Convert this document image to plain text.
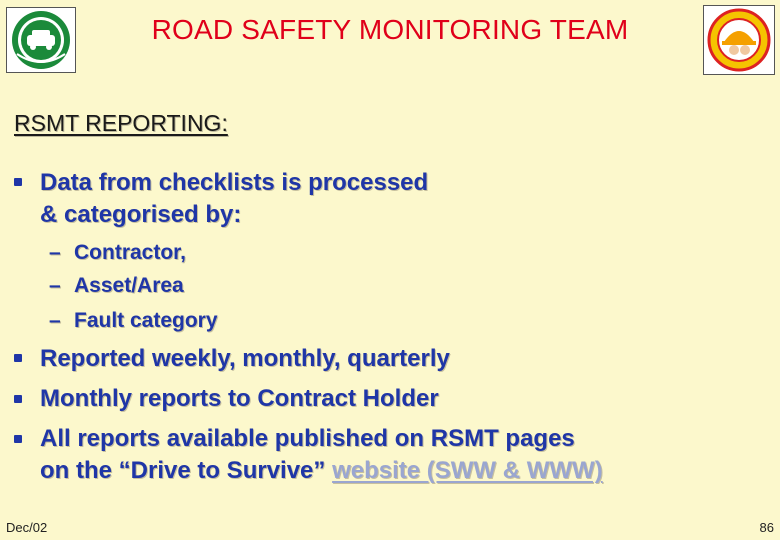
ROAD SAFETY MONITORING TEAM
RSMT REPORTING:
Data from checklists is processed
& categorised by:
– Contractor,
– Asset/Area
– Fault category
Reported weekly, monthly, quarterly
Monthly reports to Contract Holder
All reports available published on RSMT pages
on the “Drive to Survive” website (SWW & WWW)
Dec/02	86
